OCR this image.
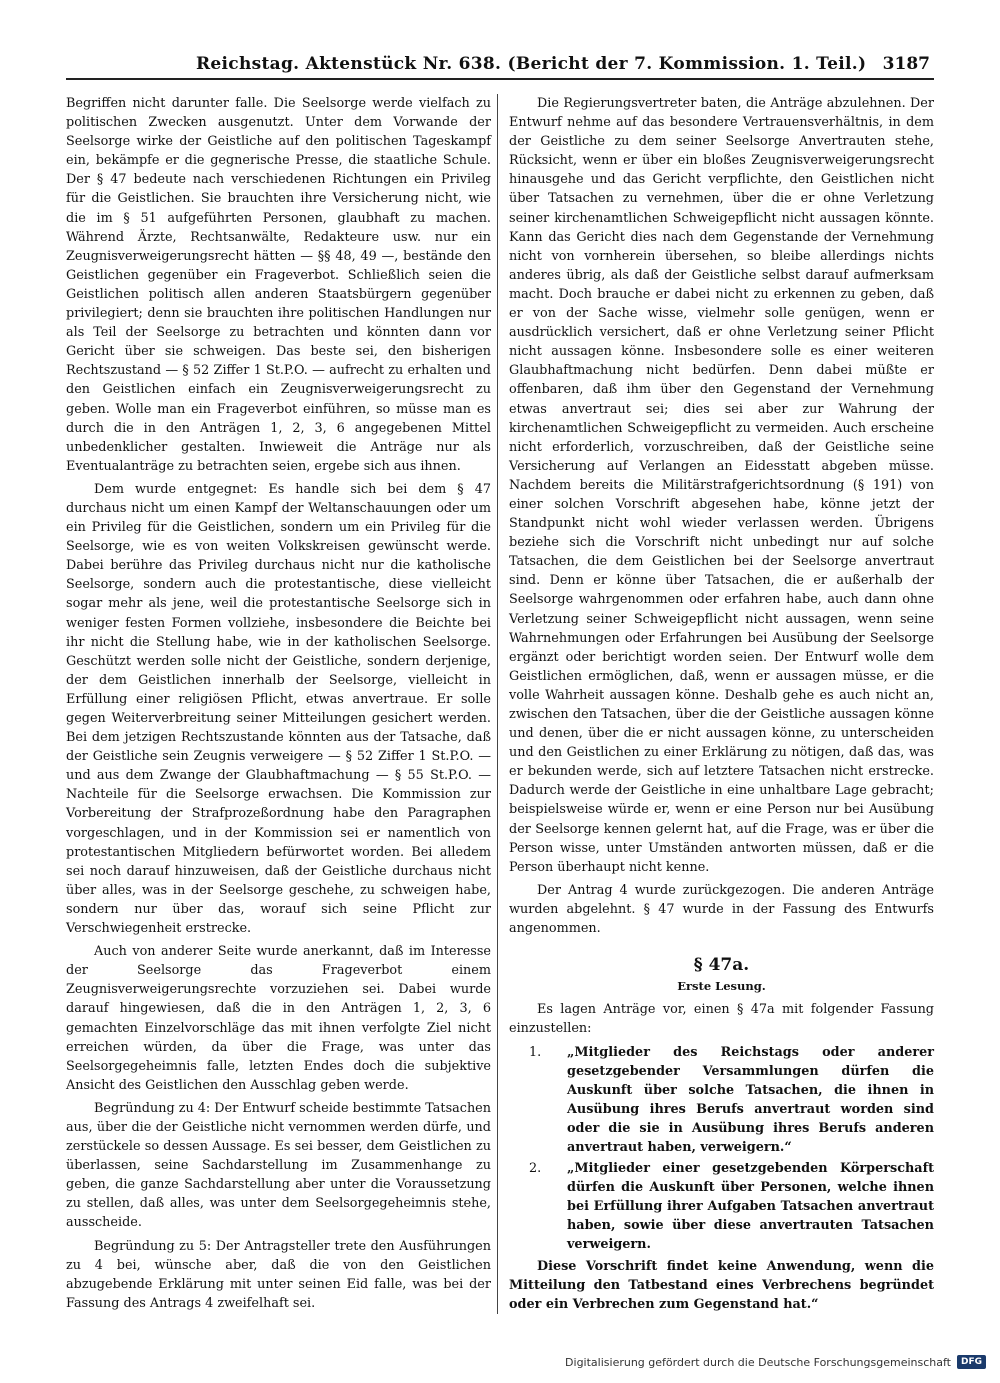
Reichstag. Aktenstück Nr. 638. (Bericht der 7. Kommission. 1. Teil.) 3187

Begriffen nicht darunter falle. Die Seelsorge werde vielfach zu politischen Zwecken ausgenutzt. Unter dem Vorwande der Seelsorge wirke der Geistliche auf den politischen Tageskampf ein, bekämpfe er die gegnerische Presse, die staatliche Schule. Der § 47 bedeute nach verschiedenen Richtungen ein Privileg für die Geistlichen. Sie brauchten ihre Versicherung nicht, wie die im § 51 aufgeführten Personen, glaubhaft zu machen. Während Ärzte, Rechtsanwälte, Redakteure usw. nur ein Zeugnisverweigerungsrecht hätten — §§ 48, 49 —, bestände den Geistlichen gegenüber ein Frageverbot. Schließlich seien die Geistlichen politisch allen anderen Staatsbürgern gegenüber privilegiert; denn sie brauchten ihre politischen Handlungen nur als Teil der Seelsorge zu betrachten und könnten dann vor Gericht über sie schweigen. Das beste sei, den bisherigen Rechtszustand — § 52 Ziffer 1 St.P.O. — aufrecht zu erhalten und den Geistlichen einfach ein Zeugnisverweigerungsrecht zu geben. Wolle man ein Frageverbot einführen, so müsse man es durch die in den Anträgen 1, 2, 3, 6 angegebenen Mittel unbedenklicher gestalten. Inwieweit die Anträge nur als Eventualanträge zu betrachten seien, ergebe sich aus ihnen.

Dem wurde entgegnet: Es handle sich bei dem § 47 durchaus nicht um einen Kampf der Weltanschauungen oder um ein Privileg für die Geistlichen, sondern um ein Privileg für die Seelsorge, wie es von weiten Volkskreisen gewünscht werde. Dabei berühre das Privileg durchaus nicht nur die katholische Seelsorge, sondern auch die protestantische, diese vielleicht sogar mehr als jene, weil die protestantische Seelsorge sich in weniger festen Formen vollziehe, insbesondere die Beichte bei ihr nicht die Stellung habe, wie in der katholischen Seelsorge. Geschützt werden solle nicht der Geistliche, sondern derjenige, der dem Geistlichen innerhalb der Seelsorge, vielleicht in Erfüllung einer religiösen Pflicht, etwas anvertraue. Er solle gegen Weiterverbreitung seiner Mitteilungen gesichert werden. Bei dem jetzigen Rechtszustande könnten aus der Tatsache, daß der Geistliche sein Zeugnis verweigere — § 52 Ziffer 1 St.P.O. — und aus dem Zwange der Glaubhaftmachung — § 55 St.P.O. — Nachteile für die Seelsorge erwachsen. Die Kommission zur Vorbereitung der Strafprozeßordnung habe den Paragraphen vorgeschlagen, und in der Kommission sei er namentlich von protestantischen Mitgliedern befürwortet worden. Bei alledem sei noch darauf hinzuweisen, daß der Geistliche durchaus nicht über alles, was in der Seelsorge geschehe, zu schweigen habe, sondern nur über das, worauf sich seine Pflicht zur Verschwiegenheit erstrecke.

Auch von anderer Seite wurde anerkannt, daß im Interesse der Seelsorge das Frageverbot einem Zeugnisverweigerungsrechte vorzuziehen sei. Dabei wurde darauf hingewiesen, daß die in den Anträgen 1, 2, 3, 6 gemachten Einzelvorschläge das mit ihnen verfolgte Ziel nicht erreichen würden, da über die Frage, was unter das Seelsorgegeheimnis falle, letzten Endes doch die subjektive Ansicht des Geistlichen den Ausschlag geben werde.

Begründung zu 4: Der Entwurf scheide bestimmte Tatsachen aus, über die der Geistliche nicht vernommen werden dürfe, und zerstückele so dessen Aussage. Es sei besser, dem Geistlichen zu überlassen, seine Sachdarstellung im Zusammenhange zu geben, die ganze Sachdarstellung aber unter die Voraussetzung zu stellen, daß alles, was unter dem Seelsorgegeheimnis stehe, ausscheide.

Begründung zu 5: Der Antragsteller trete den Ausführungen zu 4 bei, wünsche aber, daß die von den Geistlichen abzugebende Erklärung mit unter seinen Eid falle, was bei der Fassung des Antrags 4 zweifelhaft sei.

Die Regierungsvertreter baten, die Anträge abzulehnen. Der Entwurf nehme auf das besondere Vertrauensverhältnis, in dem der Geistliche zu dem seiner Seelsorge Anvertrauten stehe, Rücksicht, wenn er über ein bloßes Zeugnisverweigerungsrecht hinausgehe und das Gericht verpflichte, den Geistlichen nicht über Tatsachen zu vernehmen, über die er ohne Verletzung seiner kirchenamtlichen Schweigepflicht nicht aussagen könnte. Kann das Gericht dies nach dem Gegenstande der Vernehmung nicht von vornherein übersehen, so bleibe allerdings nichts anderes übrig, als daß der Geistliche selbst darauf aufmerksam macht. Doch brauche er dabei nicht zu erkennen zu geben, daß er von der Sache wisse, vielmehr solle genügen, wenn er ausdrücklich versichert, daß er ohne Verletzung seiner Pflicht nicht aussagen könne. Insbesondere solle es einer weiteren Glaubhaftmachung nicht bedürfen. Denn dabei müßte er offenbaren, daß ihm über den Gegenstand der Vernehmung etwas anvertraut sei; dies sei aber zur Wahrung der kirchenamtlichen Schweigepflicht zu vermeiden. Auch erscheine nicht erforderlich, vorzuschreiben, daß der Geistliche seine Versicherung auf Verlangen an Eidesstatt abgeben müsse. Nachdem bereits die Militärstrafgerichtsordnung (§ 191) von einer solchen Vorschrift abgesehen habe, könne jetzt der Standpunkt nicht wohl wieder verlassen werden. Übrigens beziehe sich die Vorschrift nicht unbedingt nur auf solche Tatsachen, die dem Geistlichen bei der Seelsorge anvertraut sind. Denn er könne über Tatsachen, die er außerhalb der Seelsorge wahrgenommen oder erfahren habe, auch dann ohne Verletzung seiner Schweigepflicht nicht aussagen, wenn seine Wahrnehmungen oder Erfahrungen bei Ausübung der Seelsorge ergänzt oder berichtigt worden seien. Der Entwurf wolle dem Geistlichen ermöglichen, daß, wenn er aussagen müsse, er die volle Wahrheit aussagen könne. Deshalb gehe es auch nicht an, zwischen den Tatsachen, über die der Geistliche aussagen könne und denen, über die er nicht aussagen könne, zu unterscheiden und den Geistlichen zu einer Erklärung zu nötigen, daß das, was er bekunden werde, sich auf letztere Tatsachen nicht erstrecke. Dadurch werde der Geistliche in eine unhaltbare Lage gebracht; beispielsweise würde er, wenn er eine Person nur bei Ausübung der Seelsorge kennen gelernt hat, auf die Frage, was er über die Person wisse, unter Umständen antworten müssen, daß er die Person überhaupt nicht kenne.

Der Antrag 4 wurde zurückgezogen. Die anderen Anträge wurden abgelehnt. § 47 wurde in der Fassung des Entwurfs angenommen.

§ 47a.
Erste Lesung.

Es lagen Anträge vor, einen § 47a mit folgender Fassung einzustellen:

1.	„Mitglieder des Reichstags oder anderer gesetzgebender Versammlungen dürfen die Auskunft über solche Tatsachen, die ihnen in Ausübung ihres Berufs anvertraut worden sind oder die sie in Ausübung ihres Berufs anderen anvertraut haben, verweigern.“
2.	„Mitglieder einer gesetzgebenden Körperschaft dürfen die Auskunft über Personen, welche ihnen bei Erfüllung ihrer Aufgaben Tatsachen anvertraut haben, sowie über diese anvertrauten Tatsachen verweigern.

Diese Vorschrift findet keine Anwendung, wenn die Mitteilung den Tatbestand eines Verbrechens begründet oder ein Verbrechen zum Gegenstand hat.“

Digitalisierung gefördert durch die Deutsche Forschungsgemeinschaft	DFG
